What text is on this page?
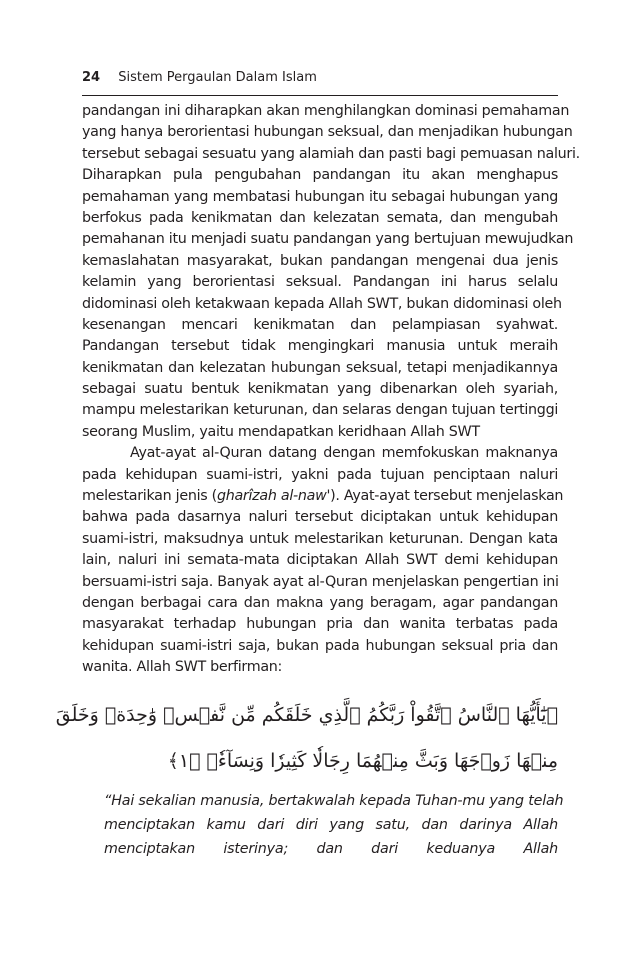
24 Sistem Pergaulan Dalam Islam
pandangan ini diharapkan akan menghilangkan dominasi pemahaman
yang hanya berorientasi hubungan seksual, dan menjadikan hubungan
tersebut sebagai sesuatu yang alamiah dan pasti bagi pemuasan naluri.
Diharapkan pula pengubahan pandangan itu akan menghapus
pemahaman yang membatasi hubungan itu sebagai hubungan yang
berfokus pada kenikmatan dan kelezatan semata, dan mengubah
pemahanan itu menjadi suatu pandangan yang bertujuan mewujudkan
kemaslahatan masyarakat, bukan pandangan mengenai dua jenis
kelamin yang berorientasi seksual. Pandangan ini harus selalu
didominasi oleh ketakwaan kepada Allah SWT, bukan didominasi oleh
kesenangan mencari kenikmatan dan pelampiasan syahwat.
Pandangan tersebut tidak mengingkari manusia untuk meraih
kenikmatan dan kelezatan hubungan seksual, tetapi menjadikannya
sebagai suatu bentuk kenikmatan yang dibenarkan oleh syariah,
mampu melestarikan keturunan, dan selaras dengan tujuan tertinggi
seorang Muslim, yaitu mendapatkan keridhaan Allah SWT
Ayat-ayat al-Quran datang dengan memfokuskan maknanya
pada kehidupan suami-istri, yakni pada tujuan penciptaan naluri
melestarikan jenis (gharîzah al-naw'). Ayat-ayat tersebut menjelaskan
bahwa pada dasarnya naluri tersebut diciptakan untuk kehidupan
suami-istri, maksudnya untuk melestarikan keturunan. Dengan kata
lain, naluri ini semata-mata diciptakan Allah SWT demi kehidupan
bersuami-istri saja. Banyak ayat al-Quran menjelaskan pengertian ini
dengan berbagai cara dan makna yang beragam, agar pandangan
masyarakat terhadap hubungan pria dan wanita terbatas pada
kehidupan suami-istri saja, bukan pada hubungan seksual pria dan
wanita. Allah SWT berfirman:
﴿يَٰٓأَيُّهَا ٱلنَّاسُ ٱتَّقُواْ رَبَّكُمُ ٱلَّذِي خَلَقَكُم مِّن نَّفۡسٖ وَٰحِدَةٖ وَخَلَقَ
مِنۡهَا زَوۡجَهَا وَبَثَّ مِنۡهُمَا رِجَالٗا كَثِيرٗا وَنِسَآءٗۚ ﴿١﴾
“Hai sekalian manusia, bertakwalah kepada Tuhan-mu yang telah
menciptakan kamu dari diri yang satu, dan darinya Allah
menciptakan isterinya; dan dari keduanya Allah
